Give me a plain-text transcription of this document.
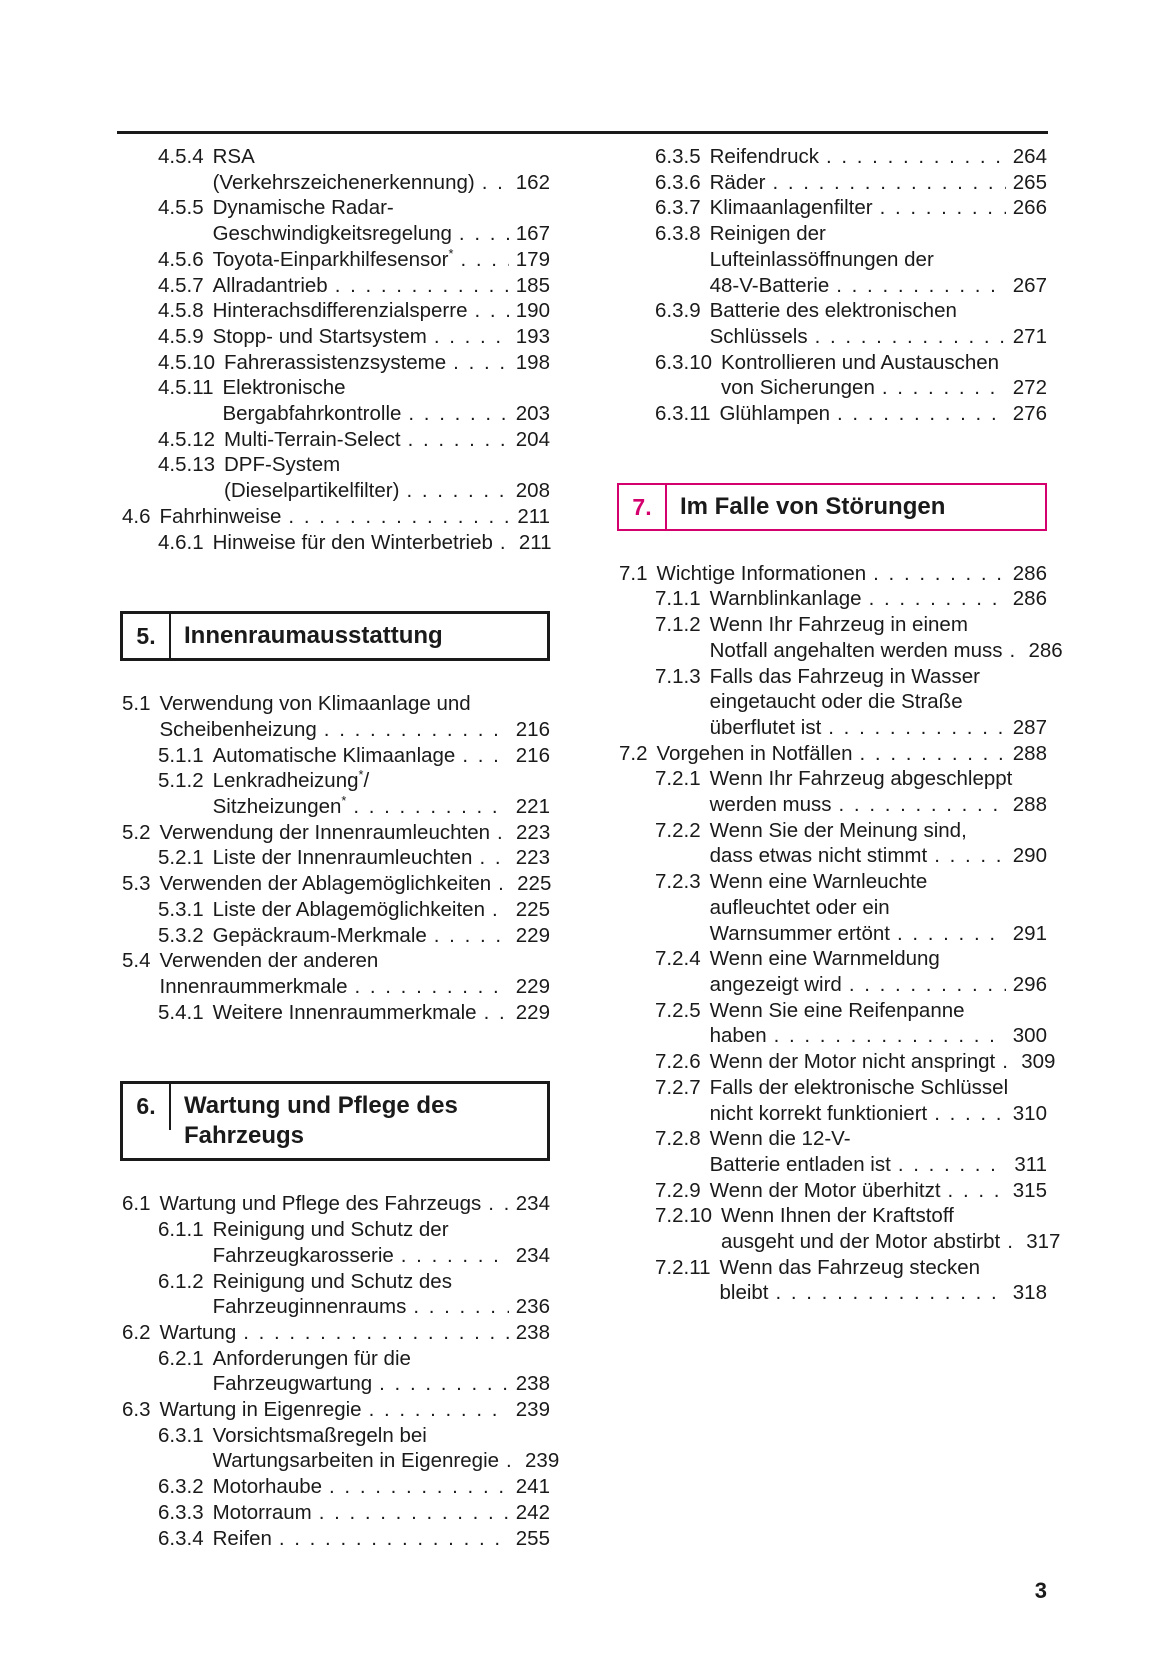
4.5.4 RSA
(Verkehrszeichenerkennung) . . . 162
4.5.5 Dynamische Radar-
Geschwindigkeitsregelung . . .	167
4.5.6 Toyota-Einparkhilfesensor* . . .	179
4.5.7 Allradantrieb . . .	185
4.5.8 Hinterachsdifferenzialsperre . . . 190
4.5.9 Stopp- und Startsystem . . .	193
4.5.10 Fahrerassistenzsysteme . . .	198
4.5.11 Elektronische
Bergabfahrkontrolle . . .	203
4.5.12 Multi-Terrain-Select . . .	204
4.5.13 DPF-System
(Dieselpartikelfilter) . . .	208
4.6 Fahrhinweise . . .	211
4.6.1 Hinweise für den Winterbetrieb . . . 211
5.	Innenraumausstattung
5.1 Verwendung von Klimaanlage und
Scheibenheizung . . .	216
5.1.1 Automatische Klimaanlage . . .	216
5.1.2 Lenkradheizung*/
Sitzheizungen* . . .	221
5.2 Verwendung der Innenraumleuchten . . . 223
5.2.1 Liste der Innenraumleuchten . . . 223
5.3 Verwenden der Ablagemöglichkeiten . . . 225
5.3.1 Liste der Ablagemöglichkeiten . . . 225
5.3.2 Gepäckraum-Merkmale . . .	229
5.4 Verwenden der anderen
Innenraummerkmale . . .	229
5.4.1 Weitere Innenraummerkmale . . . 229
6.	Wartung und Pflege des
Fahrzeugs
6.1 Wartung und Pflege des Fahrzeugs . . . 234
6.1.1 Reinigung und Schutz der
Fahrzeugkarosserie . . .	234
6.1.2 Reinigung und Schutz des
Fahrzeuginnenraums . . .	236
6.2 Wartung . . .	238
6.2.1 Anforderungen für die
Fahrzeugwartung . . .	238
6.3 Wartung in Eigenregie . . .	239
6.3.1 Vorsichtsmaßregeln bei
Wartungsarbeiten in Eigenregie . . . 239
6.3.2 Motorhaube . . .	241
6.3.3 Motorraum . . .	242
6.3.4 Reifen . . .	255
6.3.5 Reifendruck . . .	264
6.3.6 Räder . . .	265
6.3.7 Klimaanlagenfilter . . .	266
6.3.8 Reinigen der
Lufteinlassöffnungen der
48-V-Batterie . . .	267
6.3.9 Batterie des elektronischen
Schlüssels . . .	271
6.3.10 Kontrollieren und Austauschen
von Sicherungen . . .	272
6.3.11 Glühlampen . . .	276
7.	Im Falle von Störungen
7.1 Wichtige Informationen . . .	286
7.1.1 Warnblinkanlage . . .	286
7.1.2 Wenn Ihr Fahrzeug in einem
Notfall angehalten werden muss . . . 286
7.1.3 Falls das Fahrzeug in Wasser
eingetaucht oder die Straße
überflutet ist . . .	287
7.2 Vorgehen in Notfällen . . .	288
7.2.1 Wenn Ihr Fahrzeug abgeschleppt
werden muss . . .	288
7.2.2 Wenn Sie der Meinung sind,
dass etwas nicht stimmt . . .	290
7.2.3 Wenn eine Warnleuchte
aufleuchtet oder ein
Warnsummer ertönt . . .	291
7.2.4 Wenn eine Warnmeldung
angezeigt wird . . .	296
7.2.5 Wenn Sie eine Reifenpanne
haben . . .	300
7.2.6 Wenn der Motor nicht anspringt . . . 309
7.2.7 Falls der elektronische Schlüssel
nicht korrekt funktioniert . . .	310
7.2.8 Wenn die 12-V-
Batterie entladen ist . . .	311
7.2.9 Wenn der Motor überhitzt . . .	315
7.2.10 Wenn Ihnen der Kraftstoff
ausgeht und der Motor abstirbt . . . 317
7.2.11 Wenn das Fahrzeug stecken
bleibt . . .	318
3
